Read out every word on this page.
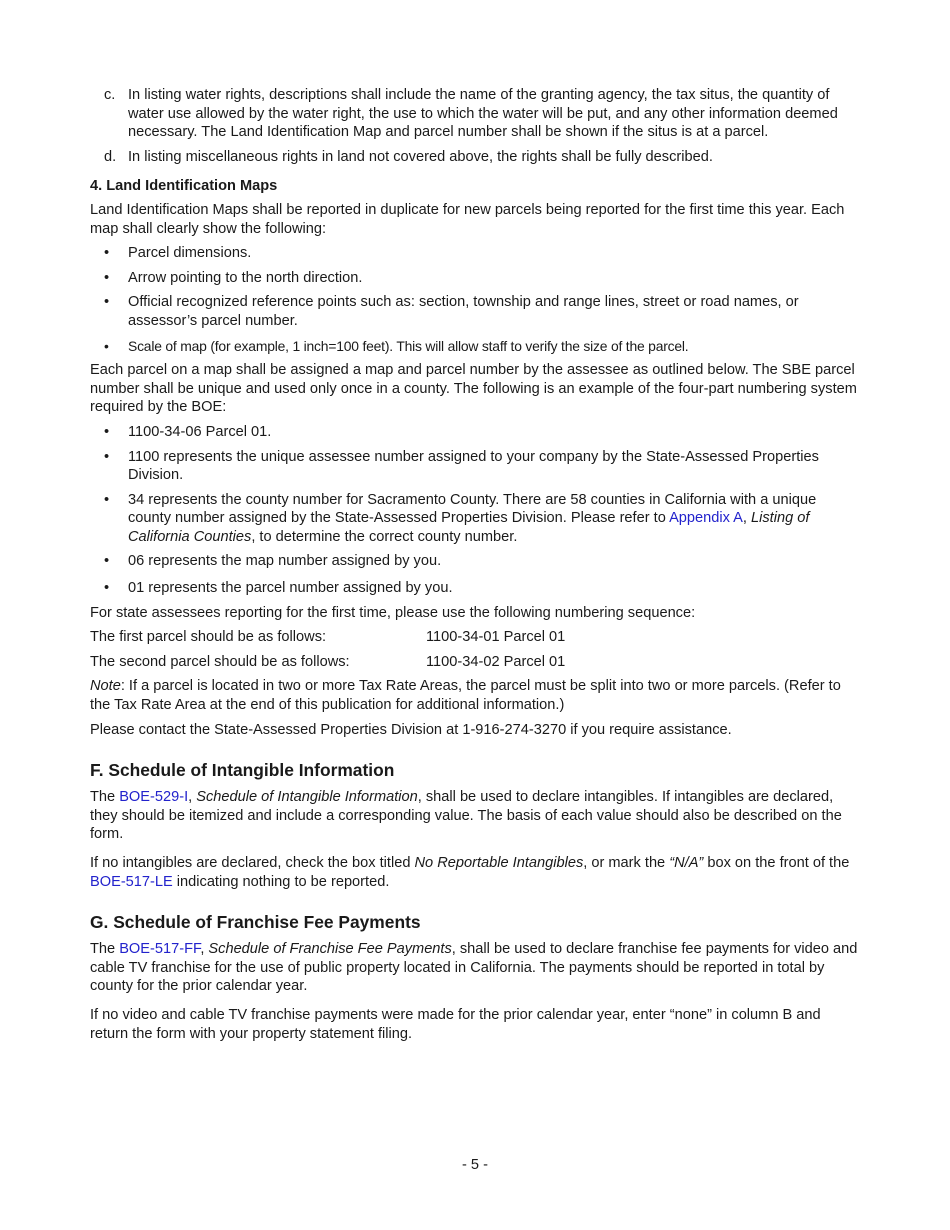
c. In listing water rights, descriptions shall include the name of the granting agency, the tax situs, the quantity of water use allowed by the water right, the use to which the water will be put, and any other information deemed necessary. The Land Identification Map and parcel number shall be shown if the situs is at a parcel.
d. In listing miscellaneous rights in land not covered above, the rights shall be fully described.

4. Land Identification Maps

Land Identification Maps shall be reported in duplicate for new parcels being reported for the first time this year. Each map shall clearly show the following:

• Parcel dimensions.
• Arrow pointing to the north direction.
• Official recognized reference points such as: section, township and range lines, street or road names, or assessor’s parcel number.
• Scale of map (for example, 1 inch=100 feet). This will allow staff to verify the size of the parcel.

Each parcel on a map shall be assigned a map and parcel number by the assessee as outlined below. The SBE parcel number shall be unique and used only once in a county. The following is an example of the four-part numbering system required by the BOE:

• 1100-34-06 Parcel 01.
• 1100 represents the unique assessee number assigned to your company by the State-Assessed Properties Division.
• 34 represents the county number for Sacramento County. There are 58 counties in California with a unique county number assigned by the State-Assessed Properties Division. Please refer to Appendix A, Listing of California Counties, to determine the correct county number.
• 06 represents the map number assigned by you.
• 01 represents the parcel number assigned by you.

For state assessees reporting for the first time, please use the following numbering sequence:

The first parcel should be as follows:	1100-34-01 Parcel 01
The second parcel should be as follows:	1100-34-02 Parcel 01

Note: If a parcel is located in two or more Tax Rate Areas, the parcel must be split into two or more parcels. (Refer to the Tax Rate Area at the end of this publication for additional information.)

Please contact the State-Assessed Properties Division at 1-916-274-3270 if you require assistance.

F. Schedule of Intangible Information

The BOE-529-I, Schedule of Intangible Information, shall be used to declare intangibles. If intangibles are declared, they should be itemized and include a corresponding value. The basis of each value should also be described on the form.

If no intangibles are declared, check the box titled No Reportable Intangibles, or mark the “N/A” box on the front of the BOE-517-LE indicating nothing to be reported.

G. Schedule of Franchise Fee Payments

The BOE-517-FF, Schedule of Franchise Fee Payments, shall be used to declare franchise fee payments for video and cable TV franchise for the use of public property located in California. The payments should be reported in total by county for the prior calendar year.

If no video and cable TV franchise payments were made for the prior calendar year, enter “none” in column B and return the form with your property statement filing.

- 5 -
